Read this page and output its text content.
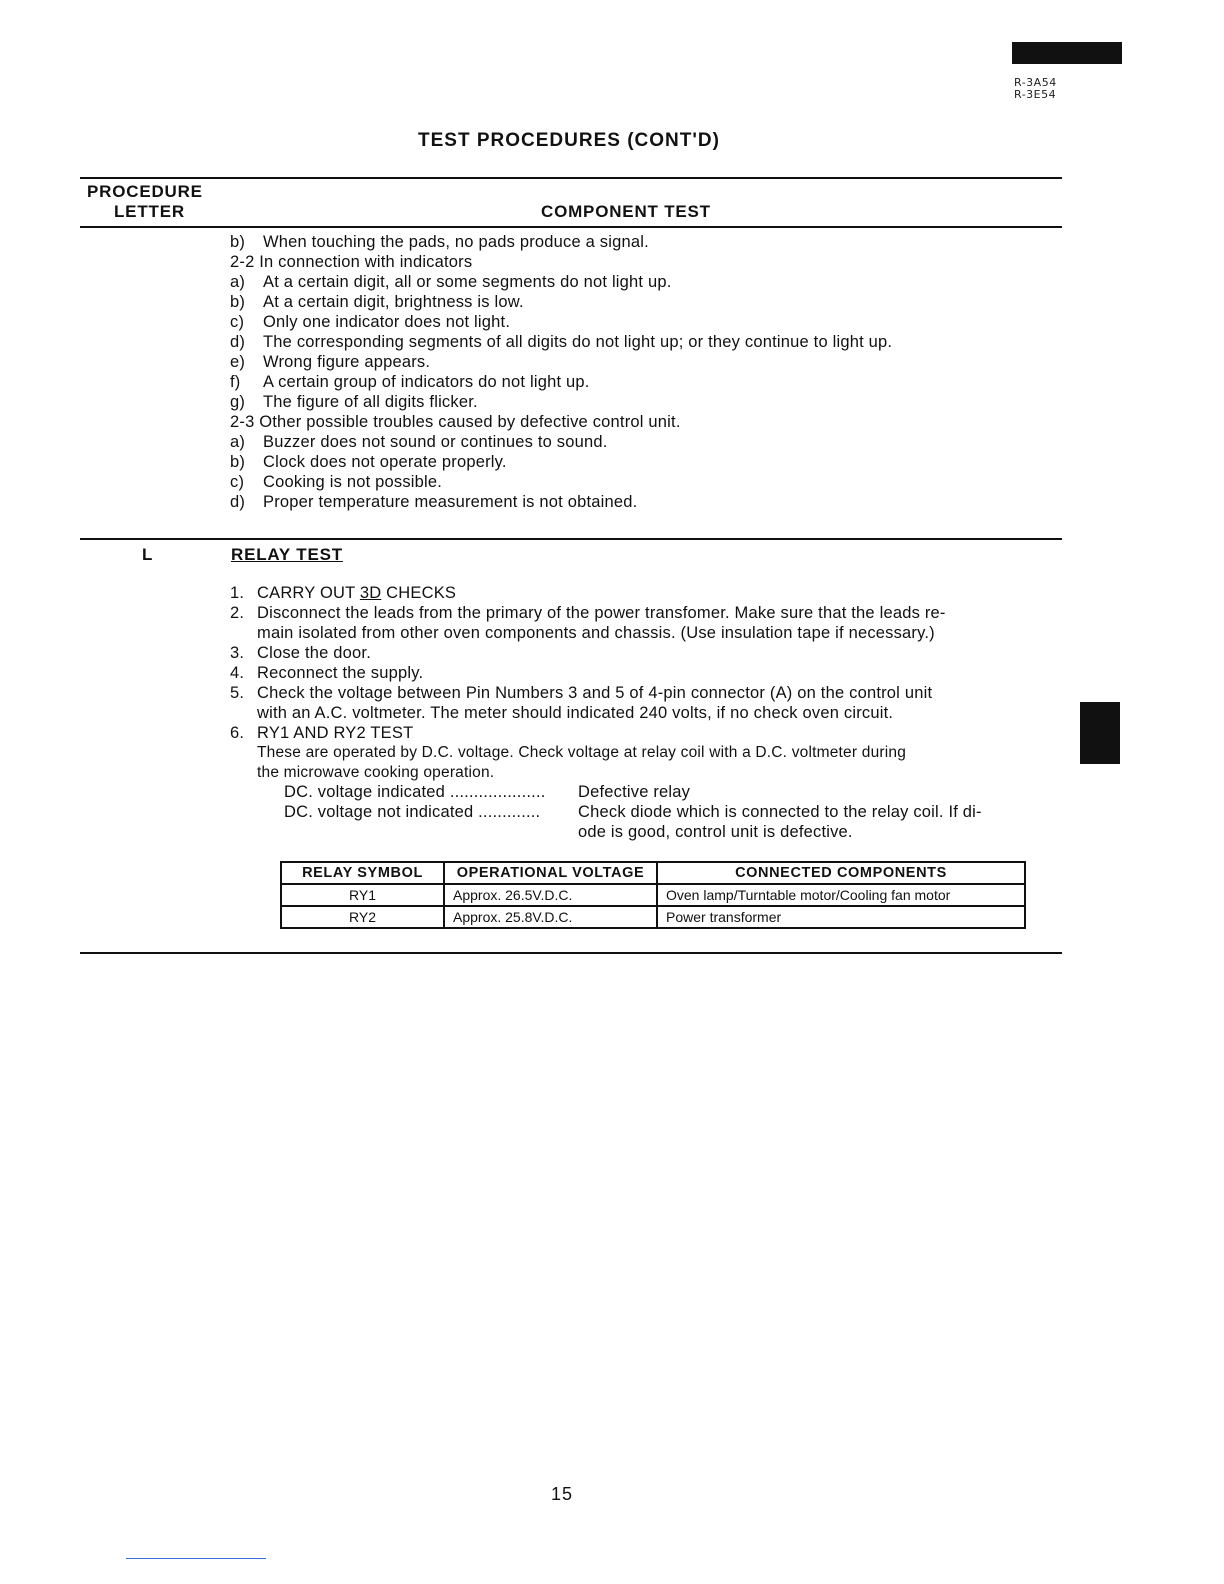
R-3A54
R-3E54
TEST PROCEDURES (CONT'D)
PROCEDURE
LETTER	COMPONENT TEST
b) When touching the pads, no pads produce a signal.
2-2 In connection with indicators
a) At a certain digit, all or some segments do not light up.
b) At a certain digit, brightness is low.
c) Only one indicator does not light.
d) The corresponding segments of all digits do not light up; or they continue to light up.
e) Wrong figure appears.
f) A certain group of indicators do not light up.
g) The figure of all digits flicker.
2-3 Other possible troubles caused by defective control unit.
a) Buzzer does not sound or continues to sound.
b) Clock does not operate properly.
c) Cooking is not possible.
d) Proper temperature measurement is not obtained.
L	RELAY TEST
1. CARRY OUT 3D CHECKS
2. Disconnect the leads from the primary of the power transfomer. Make sure that the leads re-
main isolated from other oven components and chassis. (Use insulation tape if necessary.)
3. Close the door.
4. Reconnect the supply.
5. Check the voltage between Pin Numbers 3 and 5 of 4-pin connector (A) on the control unit
with an A.C. voltmeter. The meter should indicated 240 volts, if no check oven circuit.
6. RY1 AND RY2 TEST
These are operated by D.C. voltage. Check voltage at relay coil with a D.C. voltmeter during
the microwave cooking operation.
DC. voltage indicated .................... Defective relay
DC. voltage not indicated ............. Check diode which is connected to the relay coil. If di-
ode is good, control unit is defective.
RELAY SYMBOL	OPERATIONAL VOLTAGE	CONNECTED COMPONENTS
RY1	Approx. 26.5V.D.C.	Oven lamp/Turntable motor/Cooling fan motor
RY2	Approx. 25.8V.D.C.	Power transformer
15
